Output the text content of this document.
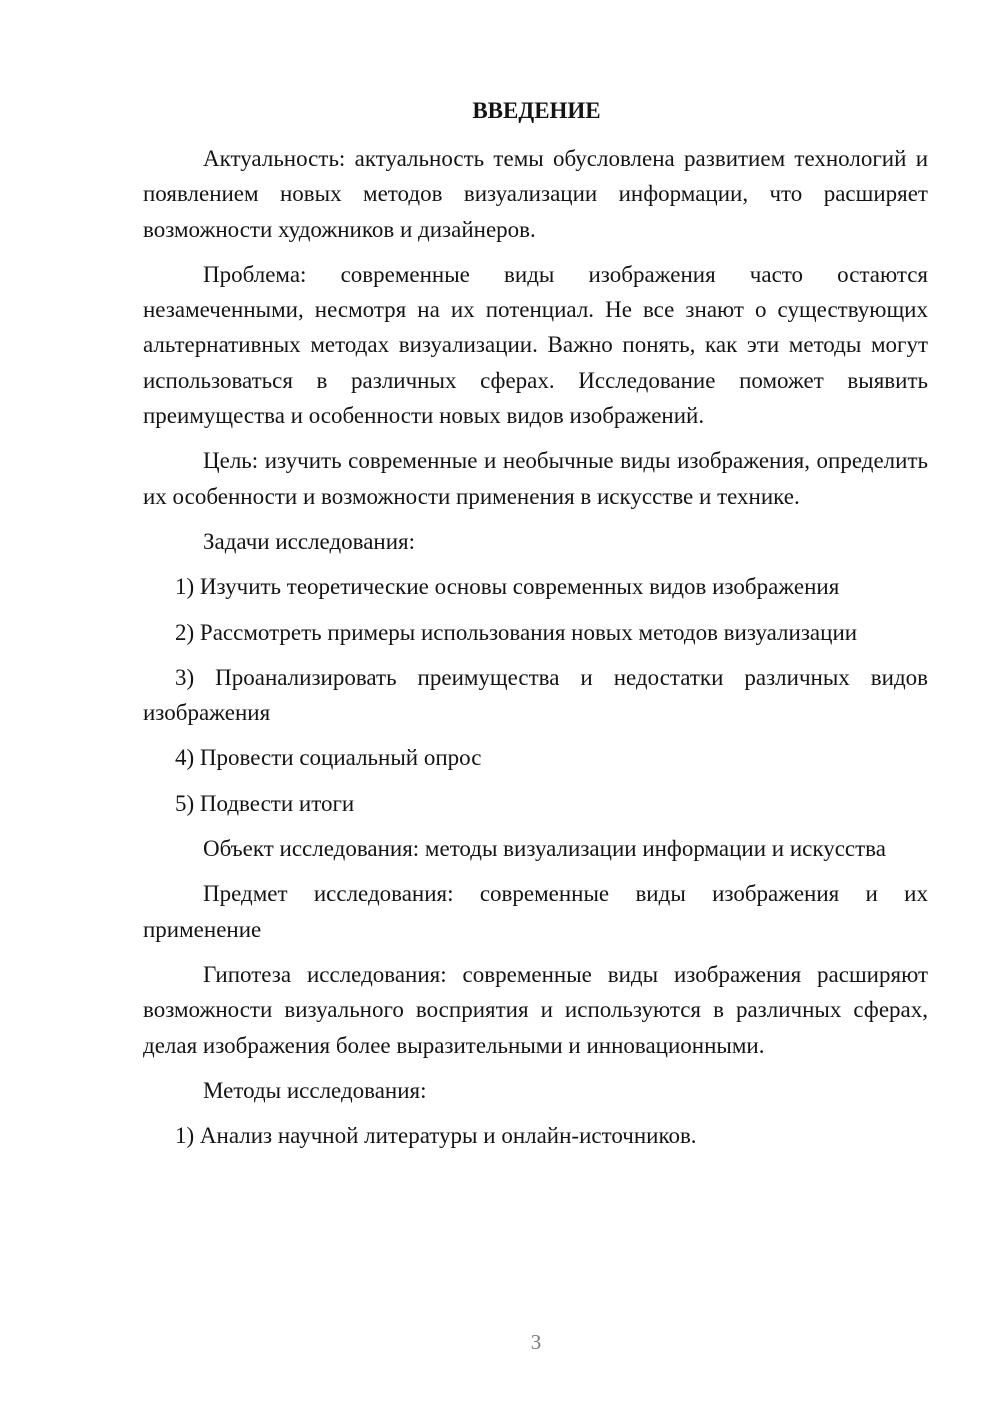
ВВЕДЕНИЕ

Актуальность: актуальность темы обусловлена развитием технологий и появлением новых методов визуализации информации, что расширяет возможности художников и дизайнеров.

Проблема: современные виды изображения часто остаются незамеченными, несмотря на их потенциал. Не все знают о существующих альтернативных методах визуализации. Важно понять, как эти методы могут использоваться в различных сферах. Исследование поможет выявить преимущества и особенности новых видов изображений.

Цель: изучить современные и необычные виды изображения, определить их особенности и возможности применения в искусстве и технике.

Задачи исследования:

1) Изучить теоретические основы современных видов изображения

2) Рассмотреть примеры использования новых методов визуализации

3) Проанализировать преимущества и недостатки различных видов изображения

4) Провести социальный опрос

5) Подвести итоги

Объект исследования: методы визуализации информации и искусства

Предмет исследования: современные виды изображения и их применение

Гипотеза исследования: современные виды изображения расширяют возможности визуального восприятия и используются в различных сферах, делая изображения более выразительными и инновационными.

Методы исследования:

1) Анализ научной литературы и онлайн-источников.

3
